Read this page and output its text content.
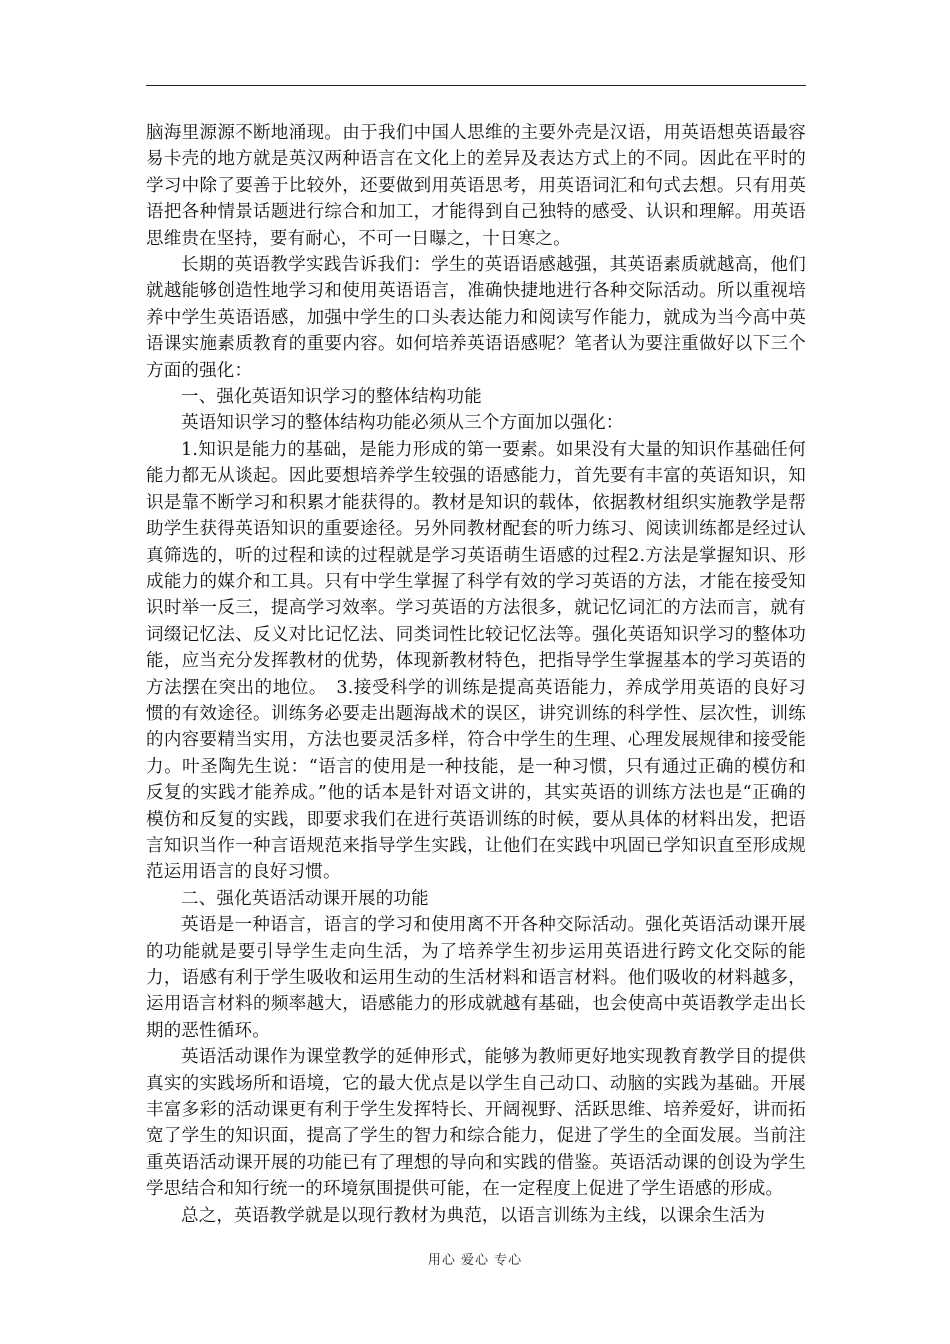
脑海里源源不断地涌现。由于我们中国人思维的主要外壳是汉语，用英语想英语最容易卡壳的地方就是英汉两种语言在文化上的差异及表达方式上的不同。因此在平时的学习中除了要善于比较外，还要做到用英语思考，用英语词汇和句式去想。只有用英语把各种情景话题进行综合和加工，才能得到自己独特的感受、认识和理解。用英语思维贵在坚持，要有耐心，不可一日曝之，十日寒之。

长期的英语教学实践告诉我们：学生的英语语感越强，其英语素质就越高，他们就越能够创造性地学习和使用英语语言，准确快捷地进行各种交际活动。所以重视培养中学生英语语感，加强中学生的口头表达能力和阅读写作能力，就成为当今高中英语课实施素质教育的重要内容。如何培养英语语感呢？笔者认为要注重做好以下三个方面的强化：

一、强化英语知识学习的整体结构功能

英语知识学习的整体结构功能必须从三个方面加以强化：

1.知识是能力的基础，是能力形成的第一要素。如果没有大量的知识作基础任何能力都无从谈起。因此要想培养学生较强的语感能力，首先要有丰富的英语知识，知识是靠不断学习和积累才能获得的。教材是知识的载体，依据教材组织实施教学是帮助学生获得英语知识的重要途径。另外同教材配套的听力练习、阅读训练都是经过认真筛选的，听的过程和读的过程就是学习英语萌生语感的过程2.方法是掌握知识、形成能力的媒介和工具。只有中学生掌握了科学有效的学习英语的方法，才能在接受知识时举一反三，提高学习效率。学习英语的方法很多，就记忆词汇的方法而言，就有词缀记忆法、反义对比记忆法、同类词性比较记忆法等。强化英语知识学习的整体功能，应当充分发挥教材的优势，体现新教材特色，把指导学生掌握基本的学习英语的方法摆在突出的地位。　3.接受科学的训练是提高英语能力，养成学用英语的良好习惯的有效途径。训练务必要走出题海战术的误区，讲究训练的科学性、层次性，训练的内容要精当实用，方法也要灵活多样，符合中学生的生理、心理发展规律和接受能力。叶圣陶先生说：“语言的使用是一种技能，是一种习惯，只有通过正确的模仿和反复的实践才能养成。”他的话本是针对语文讲的，其实英语的训练方法也是“正确的模仿和反复的实践，即要求我们在进行英语训练的时候，要从具体的材料出发，把语言知识当作一种言语规范来指导学生实践，让他们在实践中巩固已学知识直至形成规范运用语言的良好习惯。

二、强化英语活动课开展的功能

英语是一种语言，语言的学习和使用离不开各种交际活动。强化英语活动课开展的功能就是要引导学生走向生活，为了培养学生初步运用英语进行跨文化交际的能力，语感有利于学生吸收和运用生动的生活材料和语言材料。他们吸收的材料越多，运用语言材料的频率越大，语感能力的形成就越有基础，也会使高中英语教学走出长期的恶性循环。

英语活动课作为课堂教学的延伸形式，能够为教师更好地实现教育教学目的提供真实的实践场所和语境，它的最大优点是以学生自己动口、动脑的实践为基础。开展丰富多彩的活动课更有利于学生发挥特长、开阔视野、活跃思维、培养爱好，讲而拓宽了学生的知识面，提高了学生的智力和综合能力，促进了学生的全面发展。当前注重英语活动课开展的功能已有了理想的导向和实践的借鉴。英语活动课的创设为学生学思结合和知行统一的环境氛围提供可能，在一定程度上促进了学生语感的形成。

总之，英语教学就是以现行教材为典范，以语言训练为主线，以课余生活为

用心 爱心 专心
